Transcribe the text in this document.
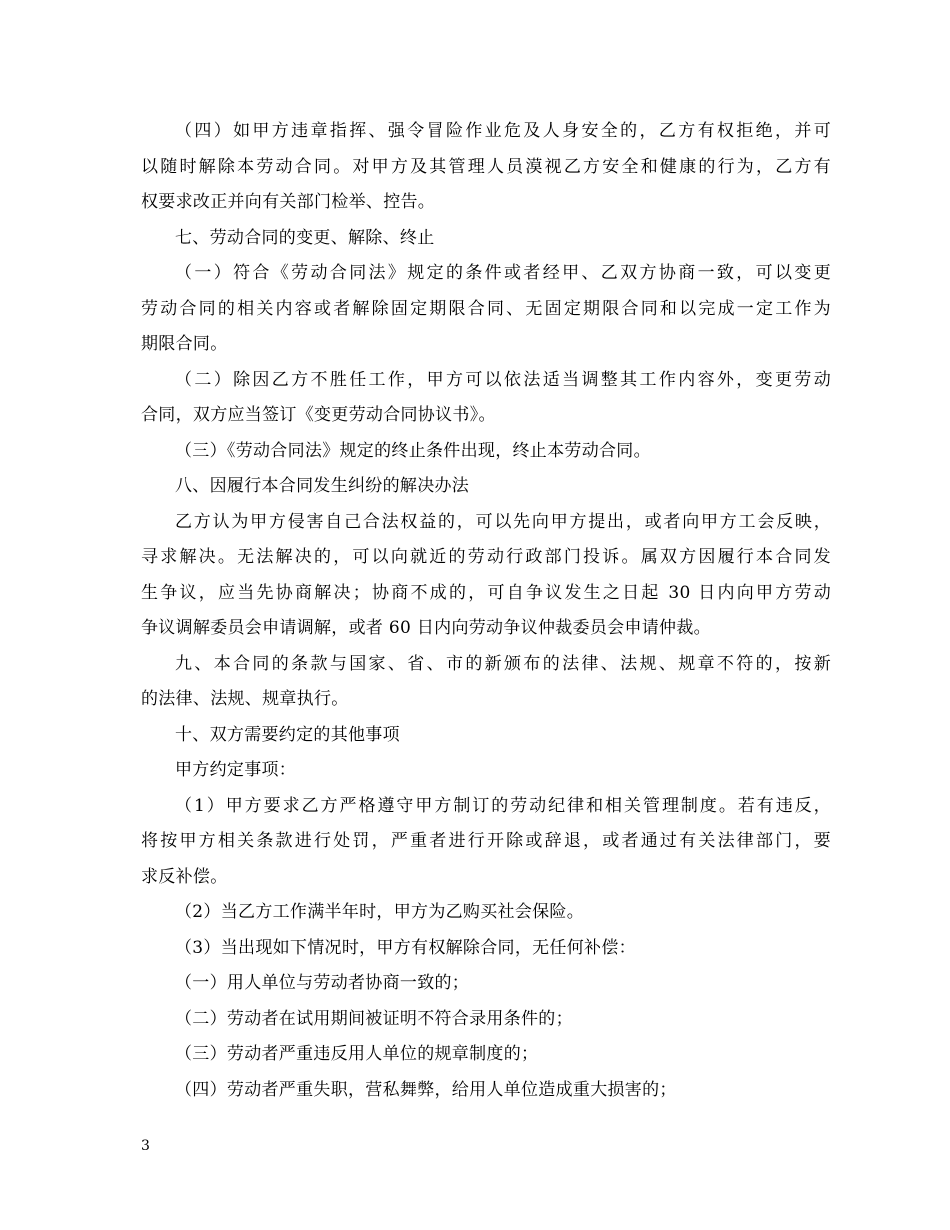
（四）如甲方违章指挥、强令冒险作业危及人身安全的，乙方有权拒绝，并可
以随时解除本劳动合同。对甲方及其管理人员漠视乙方安全和健康的行为，乙方有
权要求改正并向有关部门检举、控告。
七、劳动合同的变更、解除、终止
（一）符合《劳动合同法》规定的条件或者经甲、乙双方协商一致，可以变更
劳动合同的相关内容或者解除固定期限合同、无固定期限合同和以完成一定工作为
期限合同。
（二）除因乙方不胜任工作，甲方可以依法适当调整其工作内容外，变更劳动
合同，双方应当签订《变更劳动合同协议书》。
（三）《劳动合同法》规定的终止条件出现，终止本劳动合同。
八、因履行本合同发生纠纷的解决办法
乙方认为甲方侵害自己合法权益的，可以先向甲方提出，或者向甲方工会反映，
寻求解决。无法解决的，可以向就近的劳动行政部门投诉。属双方因履行本合同发
生争议，应当先协商解决；协商不成的，可自争议发生之日起 30 日内向甲方劳动
争议调解委员会申请调解，或者 60 日内向劳动争议仲裁委员会申请仲裁。
九、本合同的条款与国家、省、市的新颁布的法律、法规、规章不符的，按新
的法律、法规、规章执行。
十、双方需要约定的其他事项
甲方约定事项：
（1）甲方要求乙方严格遵守甲方制订的劳动纪律和相关管理制度。若有违反，
将按甲方相关条款进行处罚，严重者进行开除或辞退，或者通过有关法律部门，要
求反补偿。
（2）当乙方工作满半年时，甲方为乙购买社会保险。
（3）当出现如下情况时，甲方有权解除合同，无任何补偿：
（一）用人单位与劳动者协商一致的；
（二）劳动者在试用期间被证明不符合录用条件的；
（三）劳动者严重违反用人单位的规章制度的；
（四）劳动者严重失职，营私舞弊，给用人单位造成重大损害的；
3
